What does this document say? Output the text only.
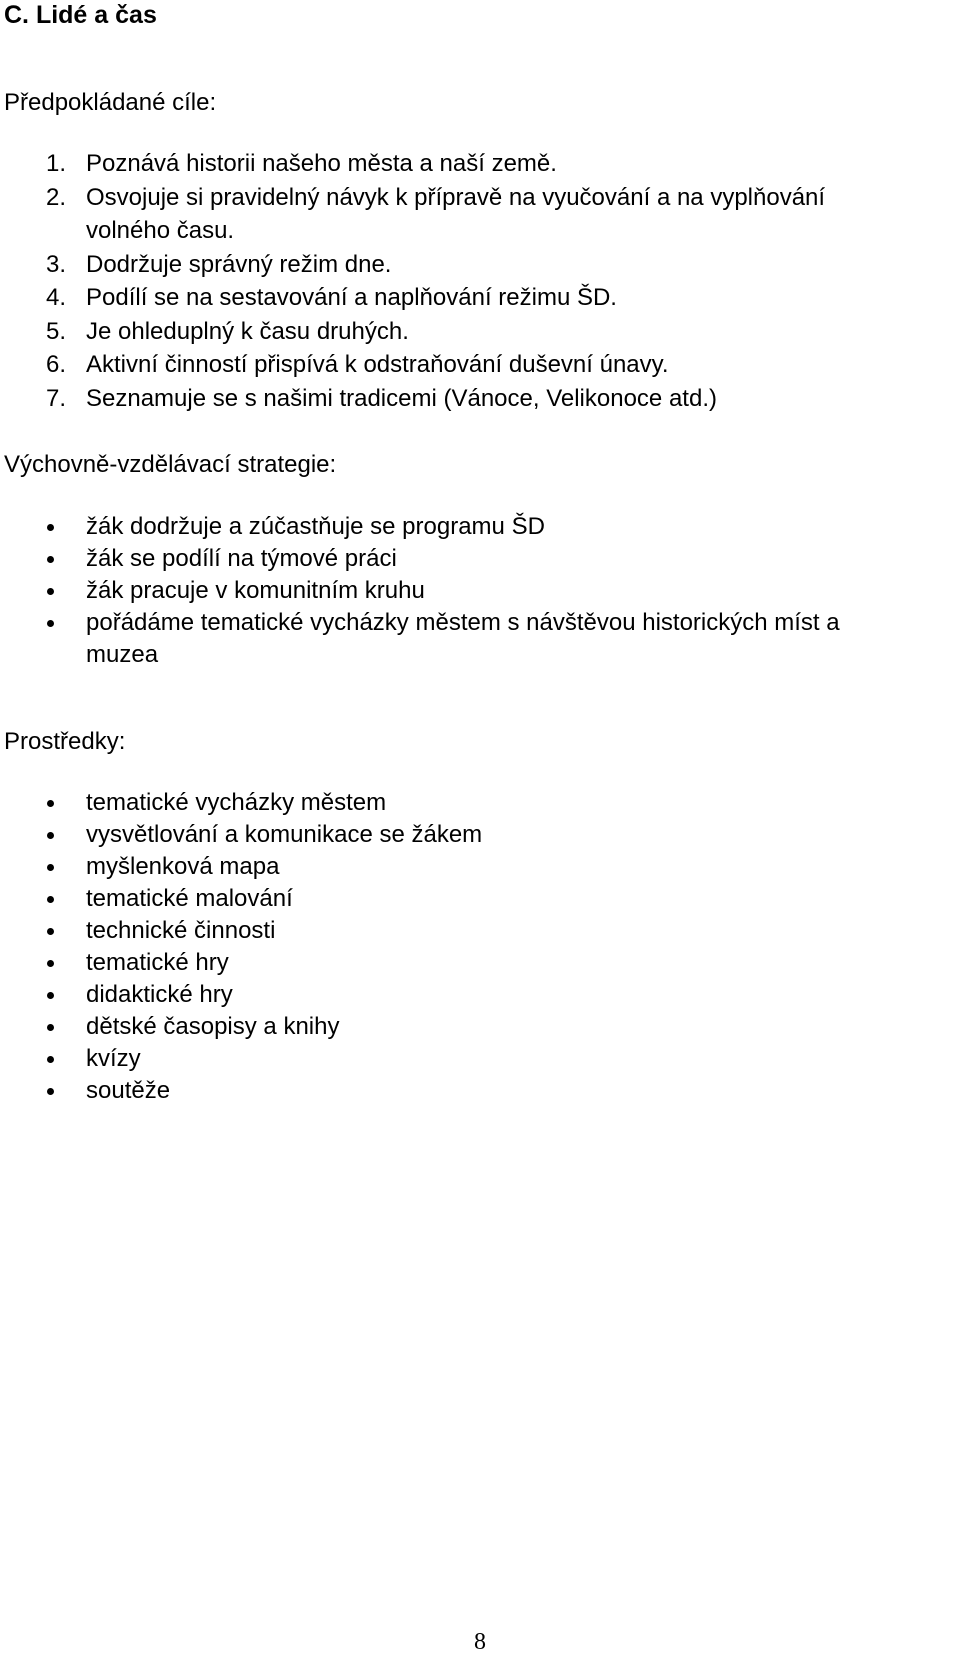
C. Lidé a čas
Předpokládané cíle:
1. Poznává historii našeho města a naší země.
2. Osvojuje si pravidelný návyk k přípravě na vyučování a na vyplňování volného času.
3. Dodržuje správný režim dne.
4. Podílí se na sestavování a naplňování režimu ŠD.
5. Je ohleduplný k času druhých.
6. Aktivní činností přispívá k odstraňování duševní únavy.
7. Seznamuje se s našimi tradicemi (Vánoce, Velikonoce atd.)
Výchovně-vzdělávací strategie:
žák dodržuje a zúčastňuje se programu ŠD
žák se podílí na týmové práci
žák pracuje v komunitním kruhu
pořádáme tematické vycházky městem s návštěvou historických míst a muzea
Prostředky:
tematické vycházky městem
vysvětlování a komunikace se žákem
myšlenková mapa
tematické malování
technické činnosti
tematické hry
didaktické hry
dětské časopisy a knihy
kvízy
soutěže

8
